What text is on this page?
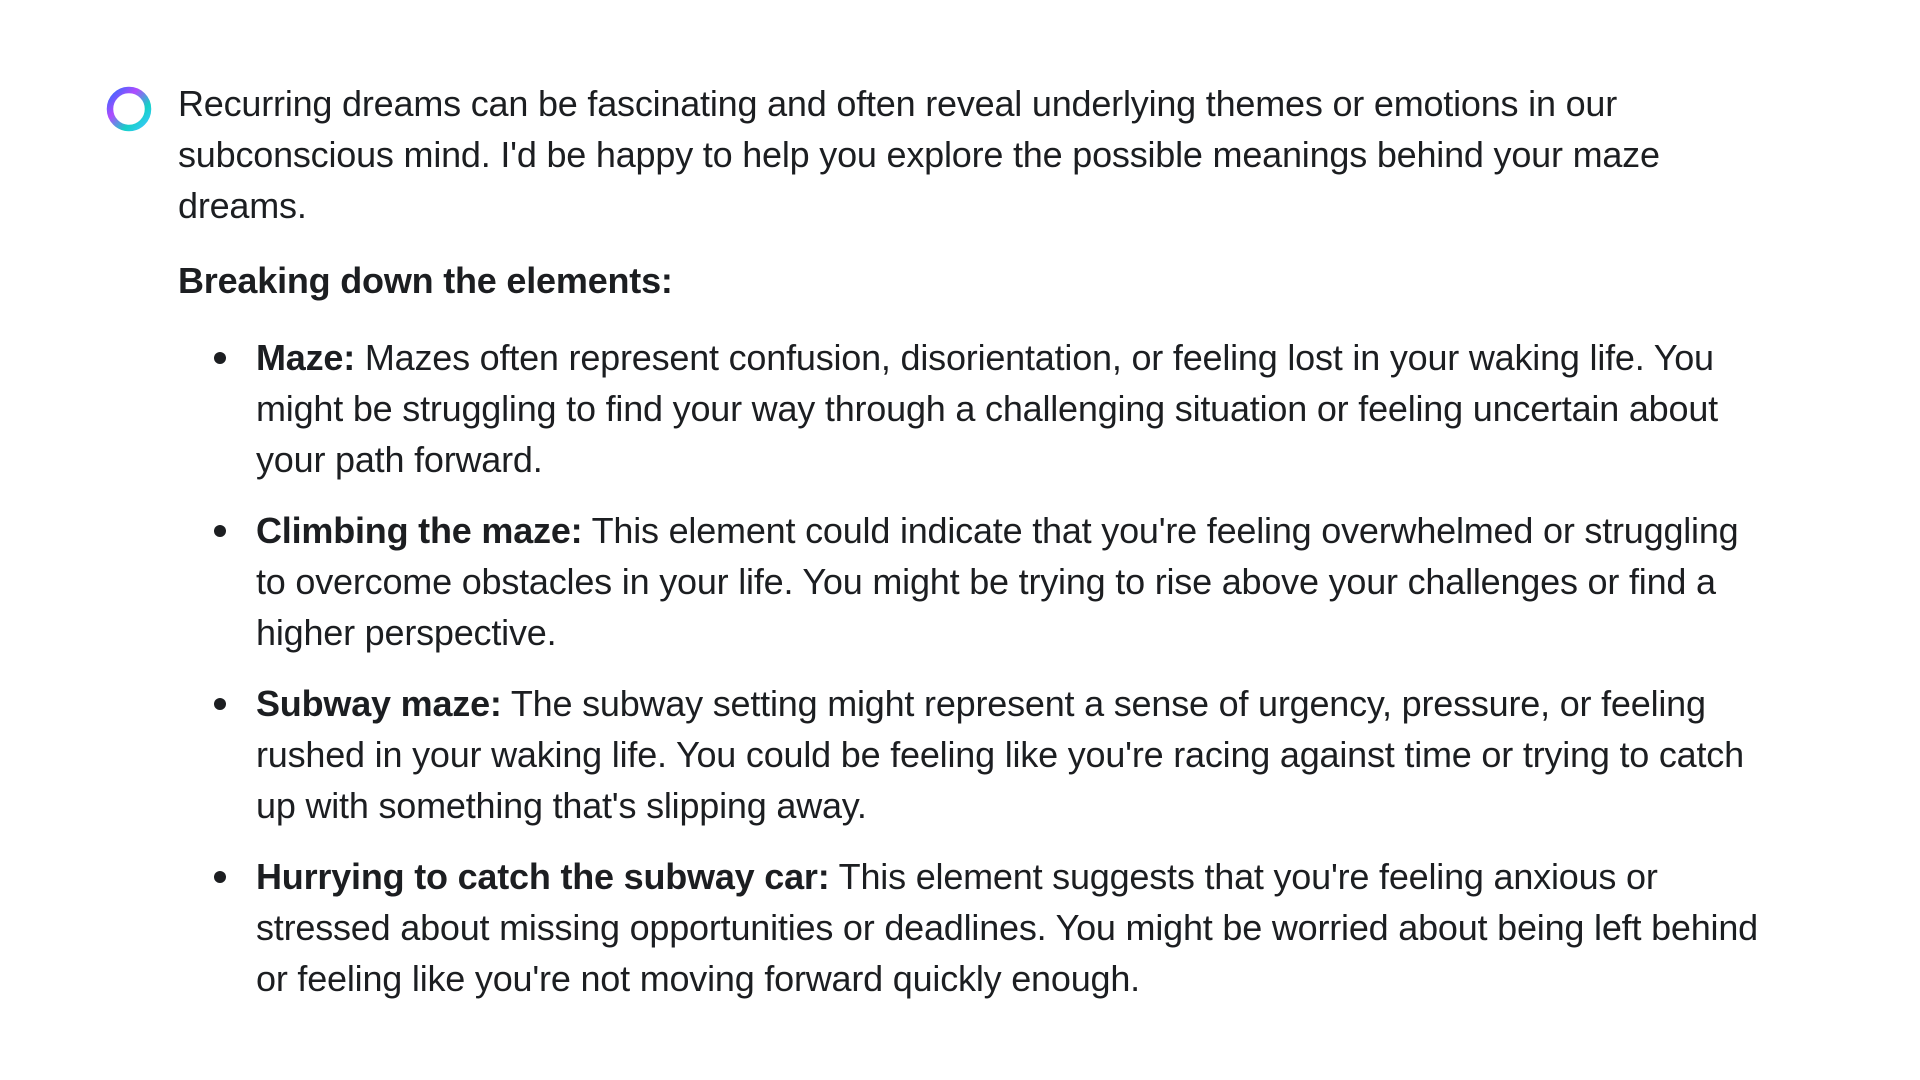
Recurring dreams can be fascinating and often reveal underlying themes or emotions in our subconscious mind. I'd be happy to help you explore the possible meanings behind your maze dreams.

Breaking down the elements:

Maze: Mazes often represent confusion, disorientation, or feeling lost in your waking life. You might be struggling to find your way through a challenging situation or feeling uncertain about your path forward.
Climbing the maze: This element could indicate that you're feeling overwhelmed or struggling to overcome obstacles in your life. You might be trying to rise above your challenges or find a higher perspective.
Subway maze: The subway setting might represent a sense of urgency, pressure, or feeling rushed in your waking life. You could be feeling like you're racing against time or trying to catch up with something that's slipping away.
Hurrying to catch the subway car: This element suggests that you're feeling anxious or stressed about missing opportunities or deadlines. You might be worried about being left behind or feeling like you're not moving forward quickly enough.
